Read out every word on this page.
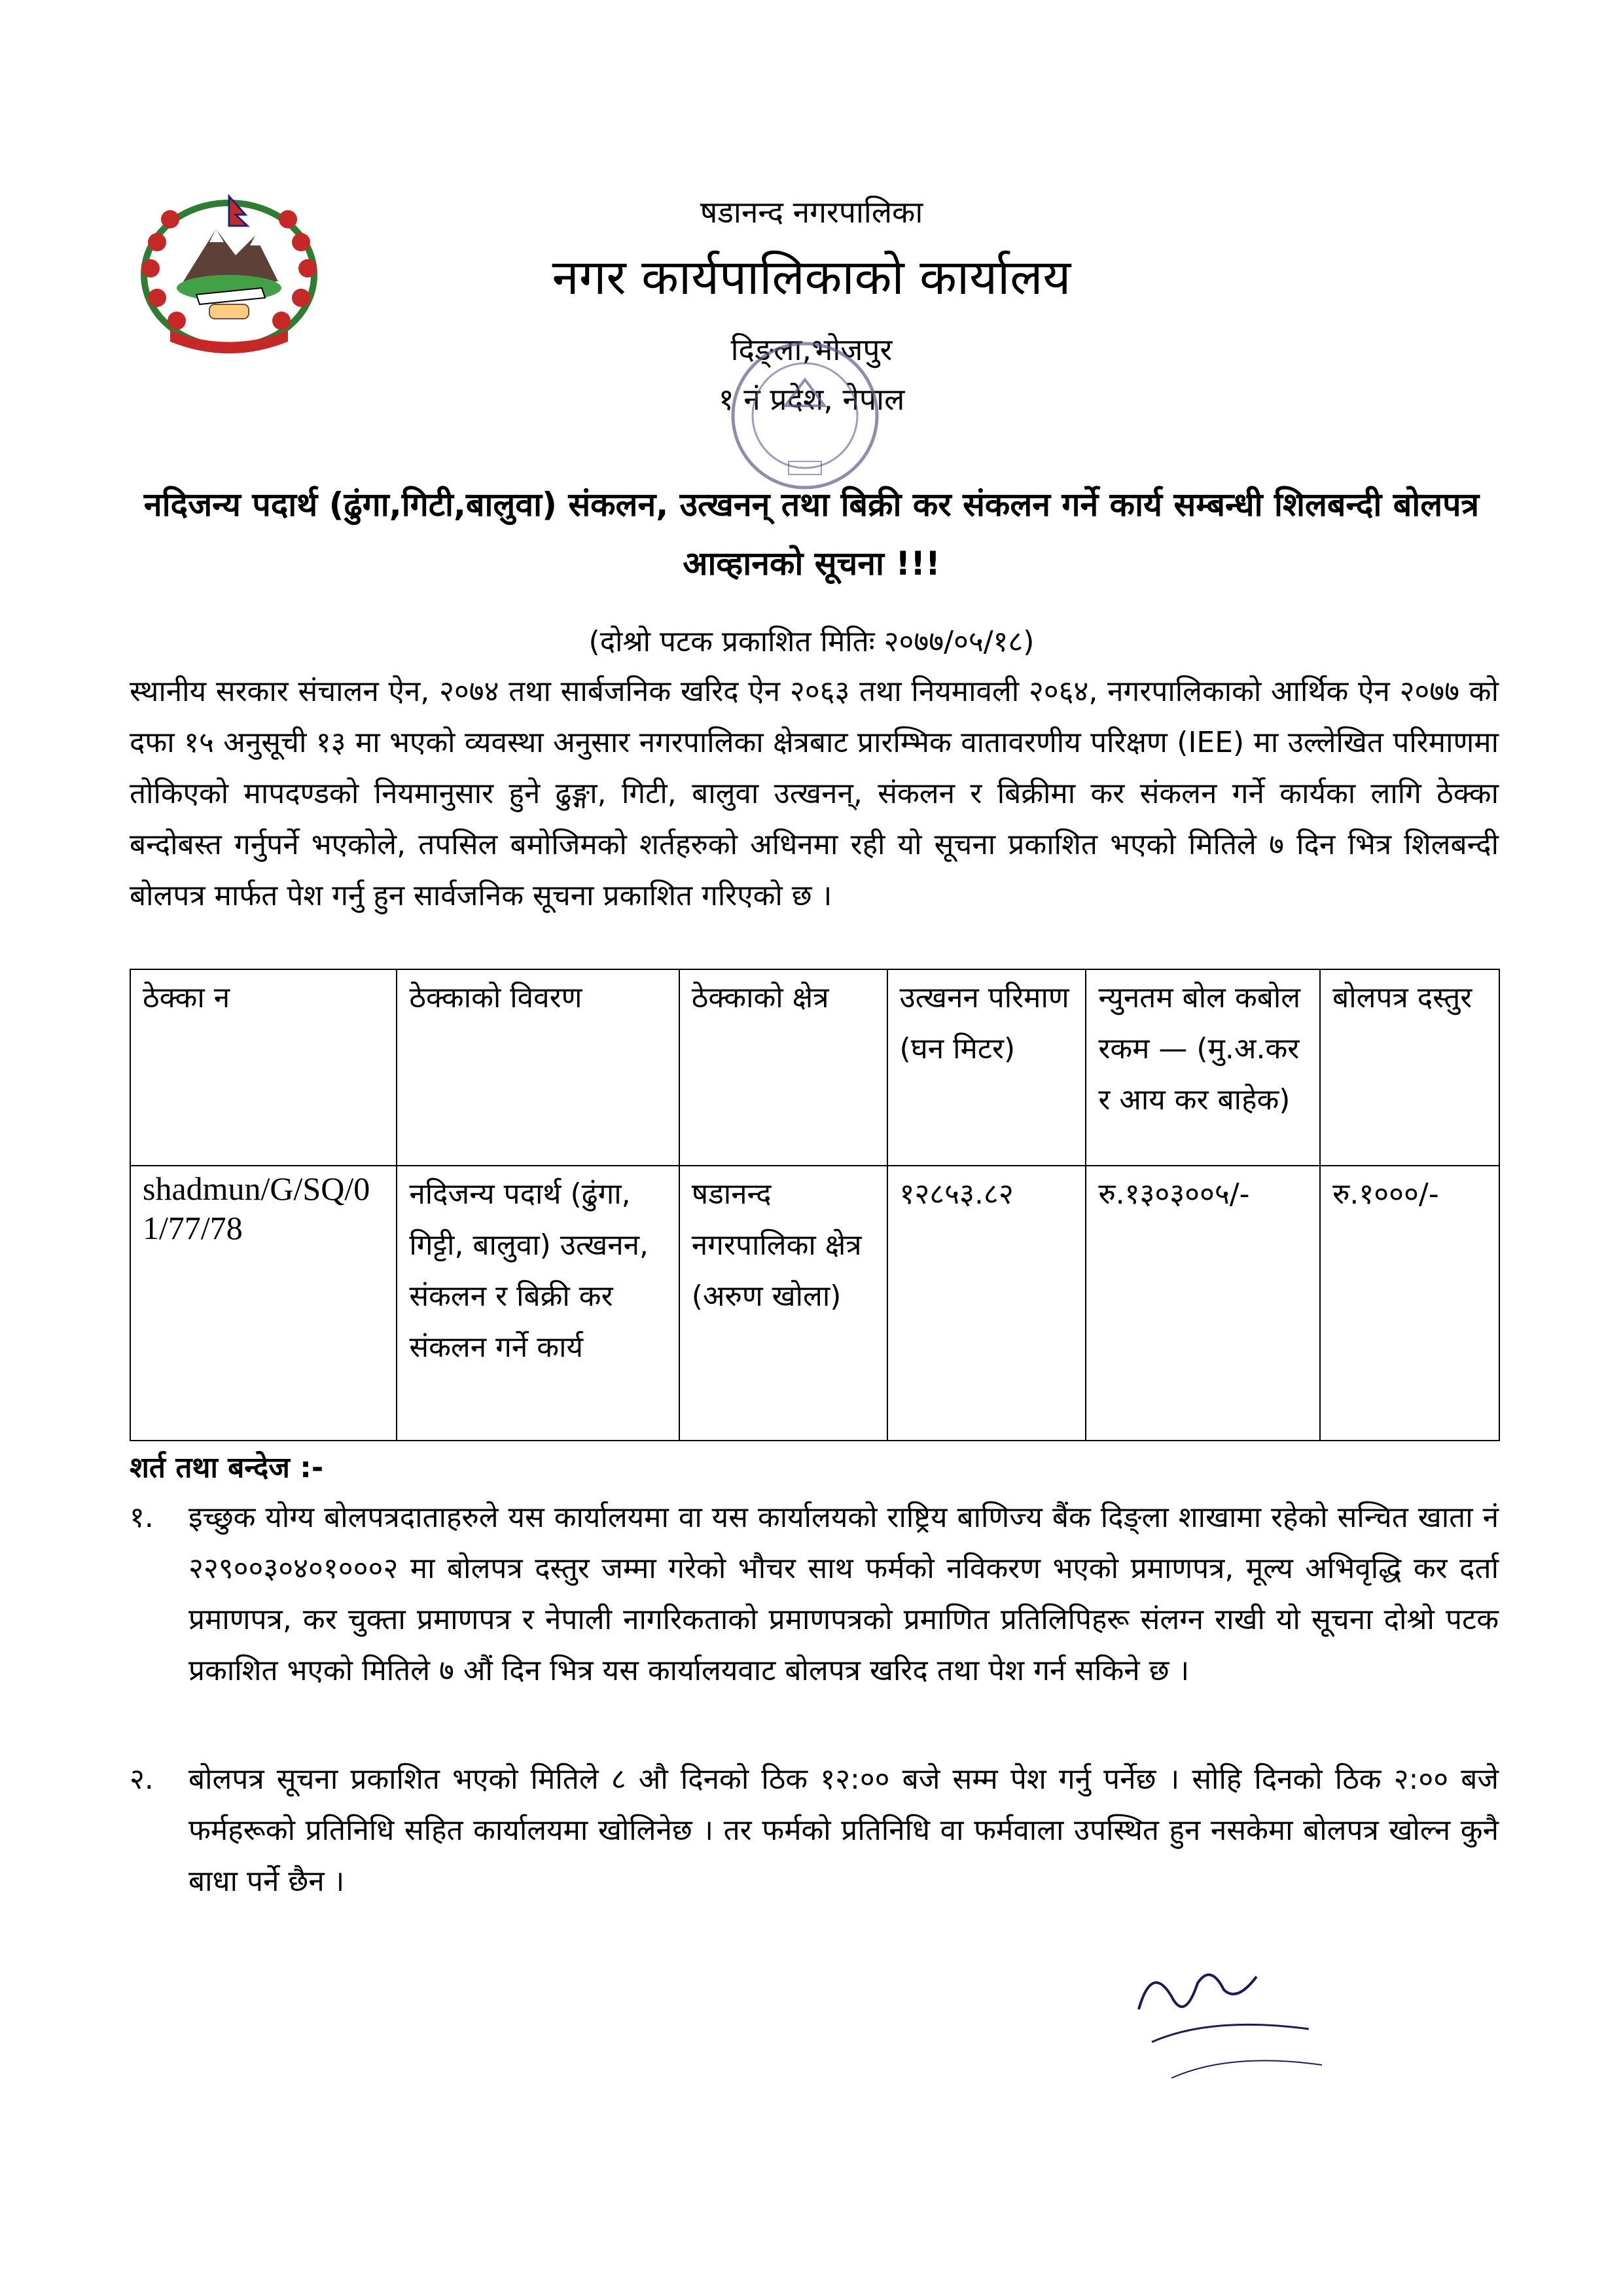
षडानन्द नगरपालिका
नगर कार्यपालिकाको कार्यालय
दिङ्ला,भोजपुर
१ नं प्रदेश, नेपाल
नदिजन्य पदार्थ (ढुंगा,गिटी,बालुवा) संकलन, उत्खनन् तथा बिक्री कर संकलन गर्ने कार्य सम्बन्धी शिलबन्दी बोलपत्र आव्हानको सूचना !!!
(दोश्रो पटक प्रकाशित मितिः २०७७/०५/१८)
स्थानीय सरकार संचालन ऐन, २०७४ तथा सार्बजनिक खरिद ऐन २०६३ तथा नियमावली २०६४, नगरपालिकाको आर्थिक ऐन २०७७ को दफा १५ अनुसूची १३ मा भएको व्यवस्था अनुसार नगरपालिका क्षेत्रबाट प्रारम्भिक वातावरणीय परिक्षण (IEE) मा उल्लेखित परिमाणमा तोकिएको मापदण्डको नियमानुसार हुने ढुङ्गा, गिटी, बालुवा उत्खनन्, संकलन र बिक्रीमा कर संकलन गर्ने कार्यका लागि ठेक्का बन्दोबस्त गर्नुपर्ने भएकोले, तपसिल बमोजिमको शर्तहरुको अधिनमा रही यो सूचना प्रकाशित भएको मितिले ७ दिन भित्र शिलबन्दी बोलपत्र मार्फत पेश गर्नु हुन सार्वजनिक सूचना प्रकाशित गरिएको छ ।
ठेक्का न	ठेक्काको विवरण	ठेक्काको क्षेत्र	उत्खनन परिमाण (घन मिटर)	न्युनतम बोल कबोल रकम — (मु.अ.कर र आय कर बाहेक)	बोलपत्र दस्तुर
shadmun/G/SQ/01/77/78	नदिजन्य पदार्थ (ढुंगा, गिट्टी, बालुवा) उत्खनन, संकलन र बिक्री कर संकलन गर्ने कार्य	षडानन्द नगरपालिका क्षेत्र (अरुण खोला)	१२८५३.८२	रु.१३०३००५/-	रु.१०००/-
शर्त तथा बन्देज :-
१.	इच्छुक योग्य बोलपत्रदाताहरुले यस कार्यालयमा वा यस कार्यालयको राष्ट्रिय बाणिज्य बैंक दिङ्ला शाखामा रहेको सन्चित खाता नं २२९००३०४०१०००२ मा बोलपत्र दस्तुर जम्मा गरेको भौचर साथ फर्मको नविकरण भएको प्रमाणपत्र, मूल्य अभिवृद्धि कर दर्ता प्रमाणपत्र, कर चुक्ता प्रमाणपत्र र नेपाली नागरिकताको प्रमाणपत्रको प्रमाणित प्रतिलिपिहरू संलग्न राखी यो सूचना दोश्रो पटक प्रकाशित भएको मितिले ७ औं दिन भित्र यस कार्यालयवाट बोलपत्र खरिद तथा पेश गर्न सकिने छ ।
२.	बोलपत्र सूचना प्रकाशित भएको मितिले ८ औ दिनको ठिक १२:०० बजे सम्म पेश गर्नु पर्नेछ । सोहि दिनको ठिक २:०० बजे फर्महरूको प्रतिनिधि सहित कार्यालयमा खोलिनेछ । तर फर्मको प्रतिनिधि वा फर्मवाला उपस्थित हुन नसकेमा बोलपत्र खोल्न कुनै बाधा पर्ने छैन ।
